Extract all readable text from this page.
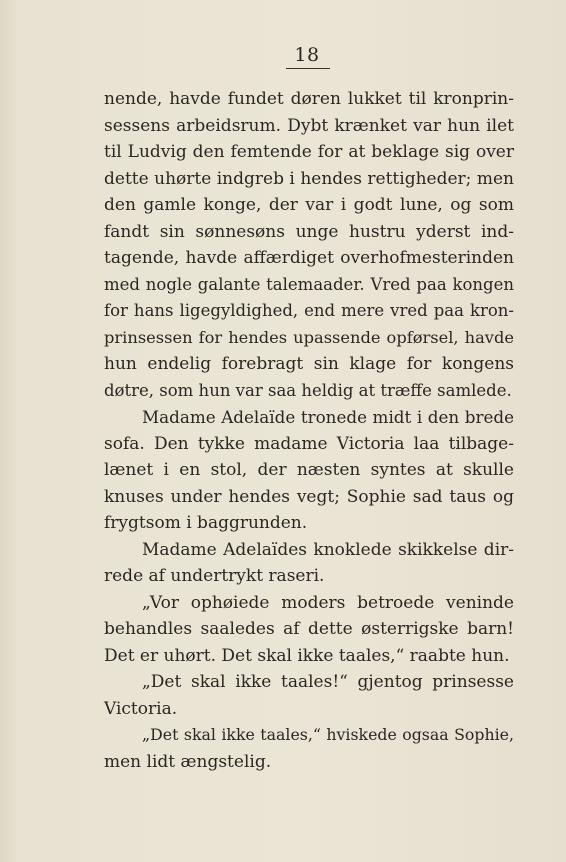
18
nende, havde fundet døren lukket til kronprin-
sessens arbeidsrum. Dybt krænket var hun ilet
til Ludvig den femtende for at beklage sig over
dette uhørte indgreb i hendes rettigheder; men
den gamle konge, der var i godt lune, og som
fandt sin sønnesøns unge hustru yderst ind-
tagende, havde affærdiget overhofmesterinden
med nogle galante talemaader. Vred paa kongen
for hans ligegyldighed, end mere vred paa kron-
prinsessen for hendes upassende opførsel, havde
hun endelig forebragt sin klage for kongens
døtre, som hun var saa heldig at træffe samlede.
Madame Adelaïde tronede midt i den brede
sofa. Den tykke madame Victoria laa tilbage-
lænet i en stol, der næsten syntes at skulle
knuses under hendes vegt; Sophie sad taus og
frygtsom i baggrunden.
Madame Adelaïdes knoklede skikkelse dir-
rede af undertrykt raseri.
„Vor ophøiede moders betroede veninde
behandles saaledes af dette østerrigske barn!
Det er uhørt. Det skal ikke taales,“ raabte hun.
„Det skal ikke taales!“ gjentog prinsesse
Victoria.
„Det skal ikke taales,“ hviskede ogsaa Sophie,
men lidt ængstelig.
